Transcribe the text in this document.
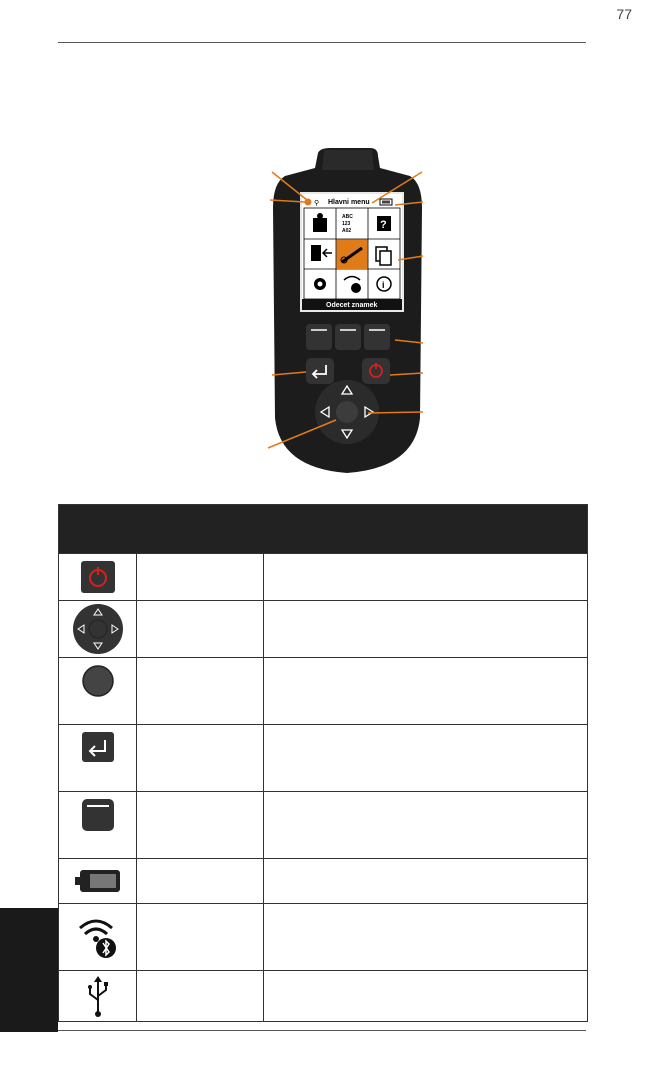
77
Hlavni menu
⚲
ABC
123
A02	?
i
Odecet znamek
